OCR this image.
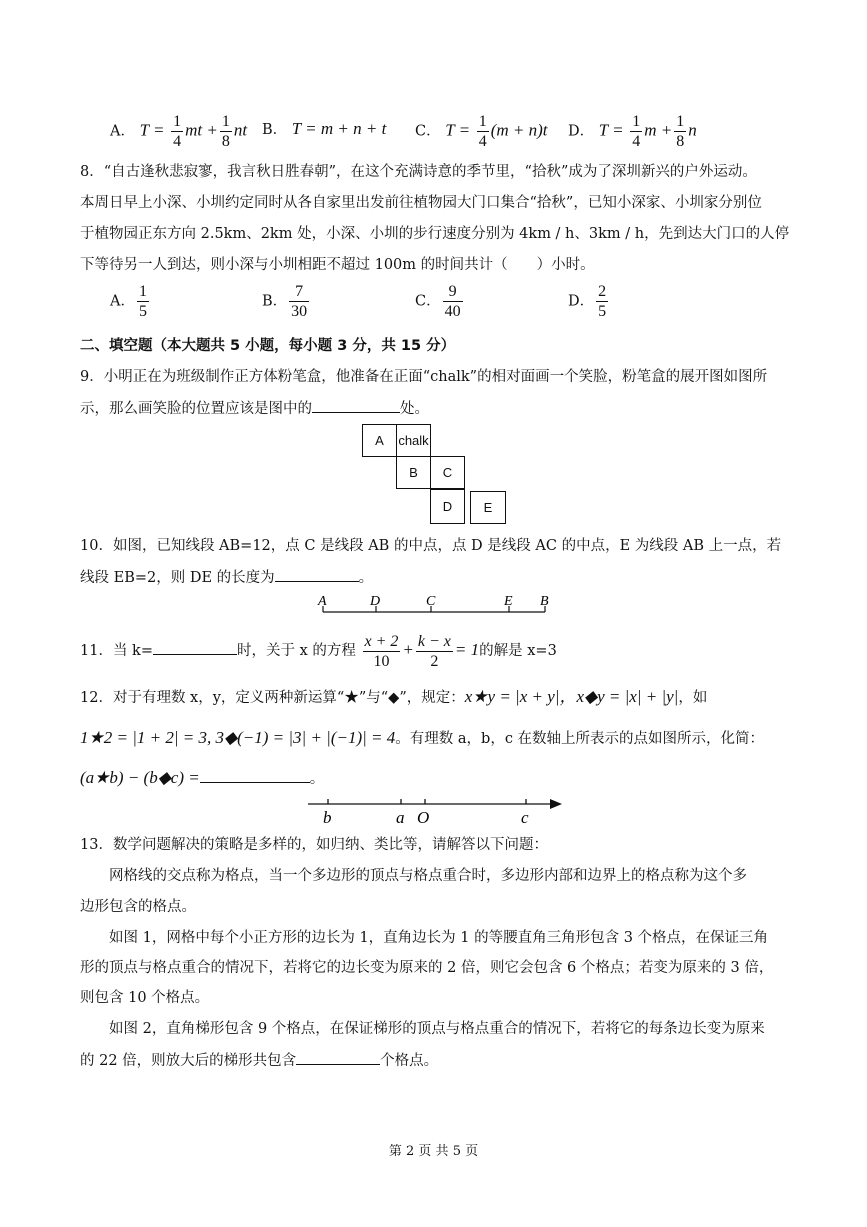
A． $T = \frac{1}{4}$ mt + $\frac{1}{8}$ nt B． T = m + n + t C． $T = \frac{1}{4} (m + n)t$ D． $T = \frac{1}{4}$ $m + \frac{1}{8}$ n
8．“自古逢秋悲寂寥，我言秋日胜春朝”，在这个充满诗意的季节里，“拾秋”成为了深圳新兴的户外运动。
本周日早上小深、小圳约定同时从各自家里出发前往植物园大门口集合“拾秋”，已知小深家、小圳家分别位
于植物园正东方向 2.5km、2km 处，小深、小圳的步行速度分别为 4km / h、3km / h，先到达大门口的人停
下等待另一人到达，则小深与小圳相距不超过 100m 的时间共计（　　）小时。
A． $\frac{1}{5}$	B． $\frac{7}{30}$	C． $\frac{9}{40}$	D． $\frac{2}{5}$
二、填空题（本大题共 5 小题，每小题 3 分，共 15 分）
9．小明正在为班级制作正方体粉笔盒，他准备在正面“chalk”的相对面画一个笑脸，粉笔盒的展开图如图所
示，那么画笑脸的位置应该是图中的	处。
A	chalk
B	C
D	E
10．如图，已知线段 AB=12，点 C 是线段 AB 的中点，点 D 是线段 AC 的中点，E 为线段 AB 上一点，若
线段 EB=2，则 DE 的长度为	。
A	D	C	E B
11．当 k=	时，关于 x 的方程 $\frac{x + 2}{10} + \frac{k - x}{2} = 1$的解是 x=3
12．对于有理数 x，y，定义两种新运算“★”与“◆”，规定：x★y = |x + y|，x◆y = |x| + |y|，如
1★2 = |1 + 2| = 3, 3◆(−1) = |3| + |(−1)| = 4。有理数 a，b，c 在数轴上所表示的点如图所示，化简：
(a★b) − (b◆c) =	。
b	a O	c
13．数学问题解决的策略是多样的，如归纳、类比等，请解答以下问题：
　　网格线的交点称为格点，当一个多边形的顶点与格点重合时，多边形内部和边界上的格点称为这个多
边形包含的格点。
　　如图 1，网格中每个小正方形的边长为 1，直角边长为 1 的等腰直角三角形包含 3 个格点，在保证三角
形的顶点与格点重合的情况下，若将它的边长变为原来的 2 倍，则它会包含 6 个格点；若变为原来的 3 倍，
则包含 10 个格点。
　　如图 2，直角梯形包含 9 个格点，在保证梯形的顶点与格点重合的情况下，若将它的每条边长变为原来
的 22 倍，则放大后的梯形共包含	个格点。
第 2 页 共 5 页
